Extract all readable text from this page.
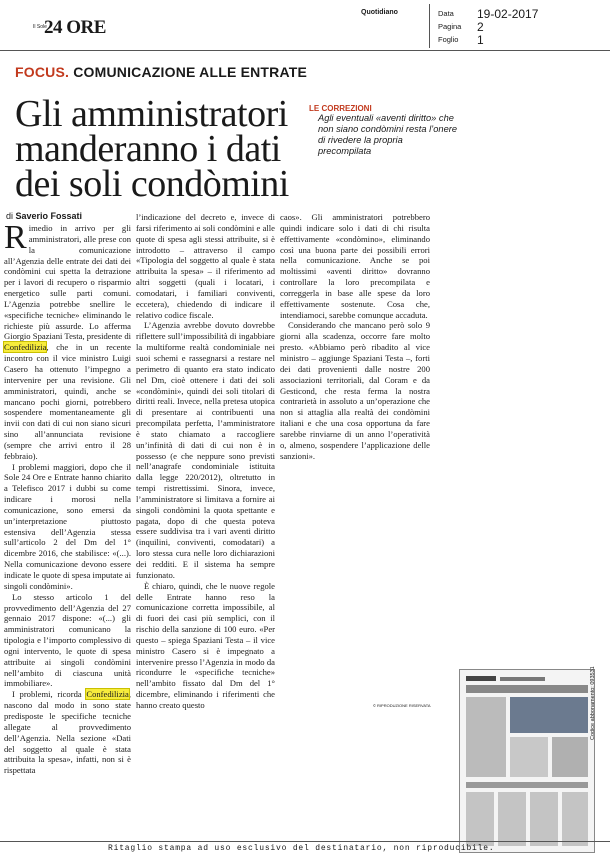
Il Sole
24 ORE
Quotidiano	Data	19-02-2017
Pagina	2
Foglio	1
FOCUS. COMUNICAZIONE ALLE ENTRATE
Gli amministratori manderanno i dati dei soli condòmini
LE CORREZIONI
Agli eventuali «aventi diritto» che non siano condòmini resta l’onere di rivedere la propria precompilata
di Saverio Fossati

Rimedio in arrivo per gli amministratori, alle prese con la comunicazione all’Agenzia delle entrate dei dati dei condòmini cui spetta la detrazione per i lavori di recupero o risparmio energetico sulle parti comuni. L’Agenzia potrebbe snellire le «specifiche tecniche» eliminando le richieste più assurde. Lo afferma Giorgio Spaziani Testa, presidente di Confedilizia, che in un recente incontro con il vice ministro Luigi Casero ha ottenuto l’impegno a intervenire per una revisione. Gli amministratori, quindi, anche se mancano pochi giorni, potrebbero sospendere momentaneamente gli invii con dati di cui non siano sicuri sino all’annunciata revisione (sempre che arrivi entro il 28 febbraio).

I problemi maggiori, dopo che il Sole 24 Ore e Entrate hanno chiarito a Telefisco 2017 i dubbi su come indicare i morosi nella comunicazione, sono emersi da un’interpretazione piuttosto estensiva dell’Agenzia stessa sull’articolo 2 del Dm del 1° dicembre 2016, che stabilisce: «(...). Nella comunicazione devono essere indicate le quote di spesa imputate ai singoli condòmini».

Lo stesso articolo 1 del provvedimento dell’Agenzia del 27 gennaio 2017 dispone: «(...) gli amministratori comunicano la tipologia e l’importo complessivo di ogni intervento, le quote di spesa attribuite ai singoli condòmini nell’ambito di ciascuna unità immobiliare».

I problemi, ricorda Confedilizia, nascono dal modo in sono state predisposte le specifiche tecniche allegate al provvedimento dell’Agenzia. Nella sezione «Dati del soggetto al quale è stata attribuita la spesa», infatti, non si è rispettata

l’indicazione del decreto e, invece di farsi riferimento ai soli condòmini e alle quote di spesa agli stessi attribuite, si è introdotto – attraverso il campo «Tipologia del soggetto al quale è stata attribuita la spesa» – il riferimento ad altri soggetti (quali i locatari, i comodatari, i familiari conviventi, eccetera), chiedendo di indicare il relativo codice fiscale.

L’Agenzia avrebbe dovuto dovrebbe riflettere sull’impossibilità di ingabbiare la multiforme realtà condominiale nei suoi schemi e rassegnarsi a restare nel perimetro di quanto era stato indicato nel Dm, cioè ottenere i dati dei soli «condòmini», quindi dei soli titolari di diritti reali. Invece, nella pretesa utopica di presentare ai contribuenti una precompilata perfetta, l’amministratore è stato chiamato a raccogliere un’infinità di dati di cui non è in possesso (e che neppure sono previsti nell’anagrafe condominiale istituita dalla legge 220/2012), oltretutto in tempi ristrettissimi. Sinora, invece, l’amministratore si limitava a fornire ai singoli condòmini la quota spettante e pagata, dopo di che questa poteva essere suddivisa tra i vari aventi diritto (inquilini, conviventi, comodatari) a loro stessa cura nelle loro dichiarazioni dei redditi. E il sistema ha sempre funzionato.

È chiaro, quindi, che le nuove regole delle Entrate hanno reso la comunicazione corretta impossibile, al di fuori dei casi più semplici, con il rischio della sanzione di 100 euro. «Per questo – spiega Spaziani Testa – il vice ministro Casero si è impegnato a intervenire presso l’Agenzia in modo da ricondurre le «specifiche tecniche» nell’ambito fissato dal Dm del 1° dicembre, eliminando i riferimenti che hanno creato questo

caos». Gli amministratori potrebbero quindi indicare solo i dati di chi risulta effettivamente «condòmino», eliminando così una buona parte dei possibili errori nella comunicazione. Anche se poi moltissimi «aventi diritto» dovranno controllare la loro precompilata e correggerla in base alle spese da loro effettivamente sostenute. Cosa che, intendiamoci, sarebbe comunque accaduta.

Considerando che mancano però solo 9 giorni alla scadenza, occorre fare molto presto. «Abbiamo però ribadito al vice ministro – aggiunge Spaziani Testa –, forti dei dati provenienti dalle nostre 200 associazioni territoriali, dal Coram e da Gesticond, che resta ferma la nostra contrarietà in assoluto a un’operazione che non si attaglia alla realtà dei condòmini italiani e che una cosa opportuna da fare sarebbe rinviarne di un anno l’operatività o, almeno, sospendere l’applicazione delle sanzioni».

© RIPRODUZIONE RISERVATA	Codice abbonamento: 093531
Ritaglio stampa ad uso esclusivo del destinatario, non riproducibile.
